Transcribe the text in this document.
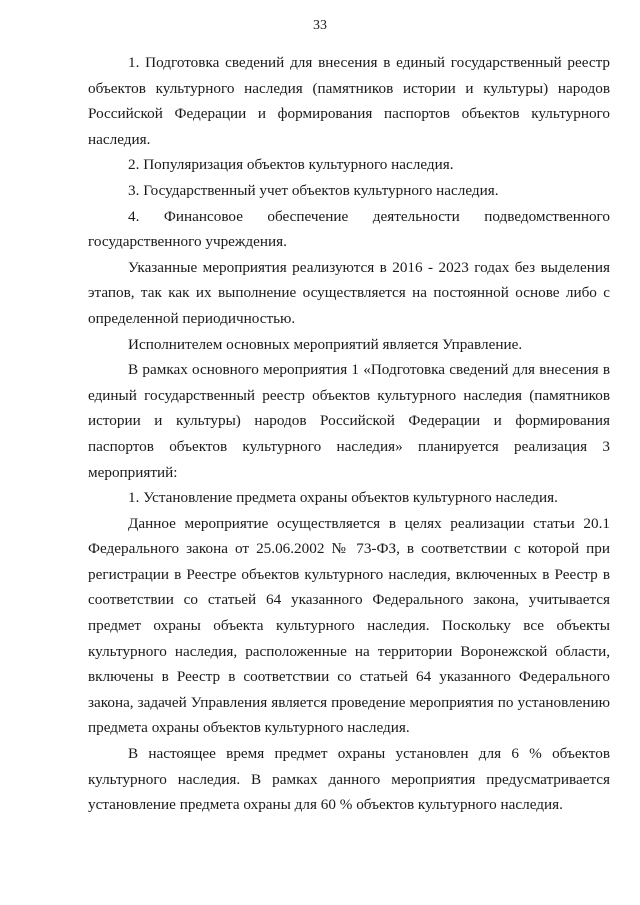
33

1. Подготовка сведений для внесения в единый государственный реестр объектов культурного наследия (памятников истории и культуры) народов Российской Федерации и формирования паспортов объектов культурного наследия.

2. Популяризация объектов культурного наследия.

3. Государственный учет объектов культурного наследия.

4. Финансовое обеспечение деятельности подведомственного государственного учреждения.

Указанные мероприятия реализуются в 2016 - 2023 годах без выделения этапов, так как их выполнение осуществляется на постоянной основе либо с определенной периодичностью.

Исполнителем основных мероприятий является Управление.

В рамках основного мероприятия 1 «Подготовка сведений для внесения в единый государственный реестр объектов культурного наследия (памятников истории и культуры) народов Российской Федерации и формирования паспортов объектов культурного наследия» планируется реализация 3 мероприятий:

1. Установление предмета охраны объектов культурного наследия.

Данное мероприятие осуществляется в целях реализации статьи 20.1 Федерального закона от 25.06.2002 № 73-ФЗ, в соответствии с которой при регистрации в Реестре объектов культурного наследия, включенных в Реестр в соответствии со статьей 64 указанного Федерального закона, учитывается предмет охраны объекта культурного наследия. Поскольку все объекты культурного наследия, расположенные на территории Воронежской области, включены в Реестр в соответствии со статьей 64 указанного Федерального закона, задачей Управления является проведение мероприятия по установлению предмета охраны объектов культурного наследия.

В настоящее время предмет охраны установлен для 6 % объектов культурного наследия. В рамках данного мероприятия предусматривается установление предмета охраны для 60 % объектов культурного наследия.
